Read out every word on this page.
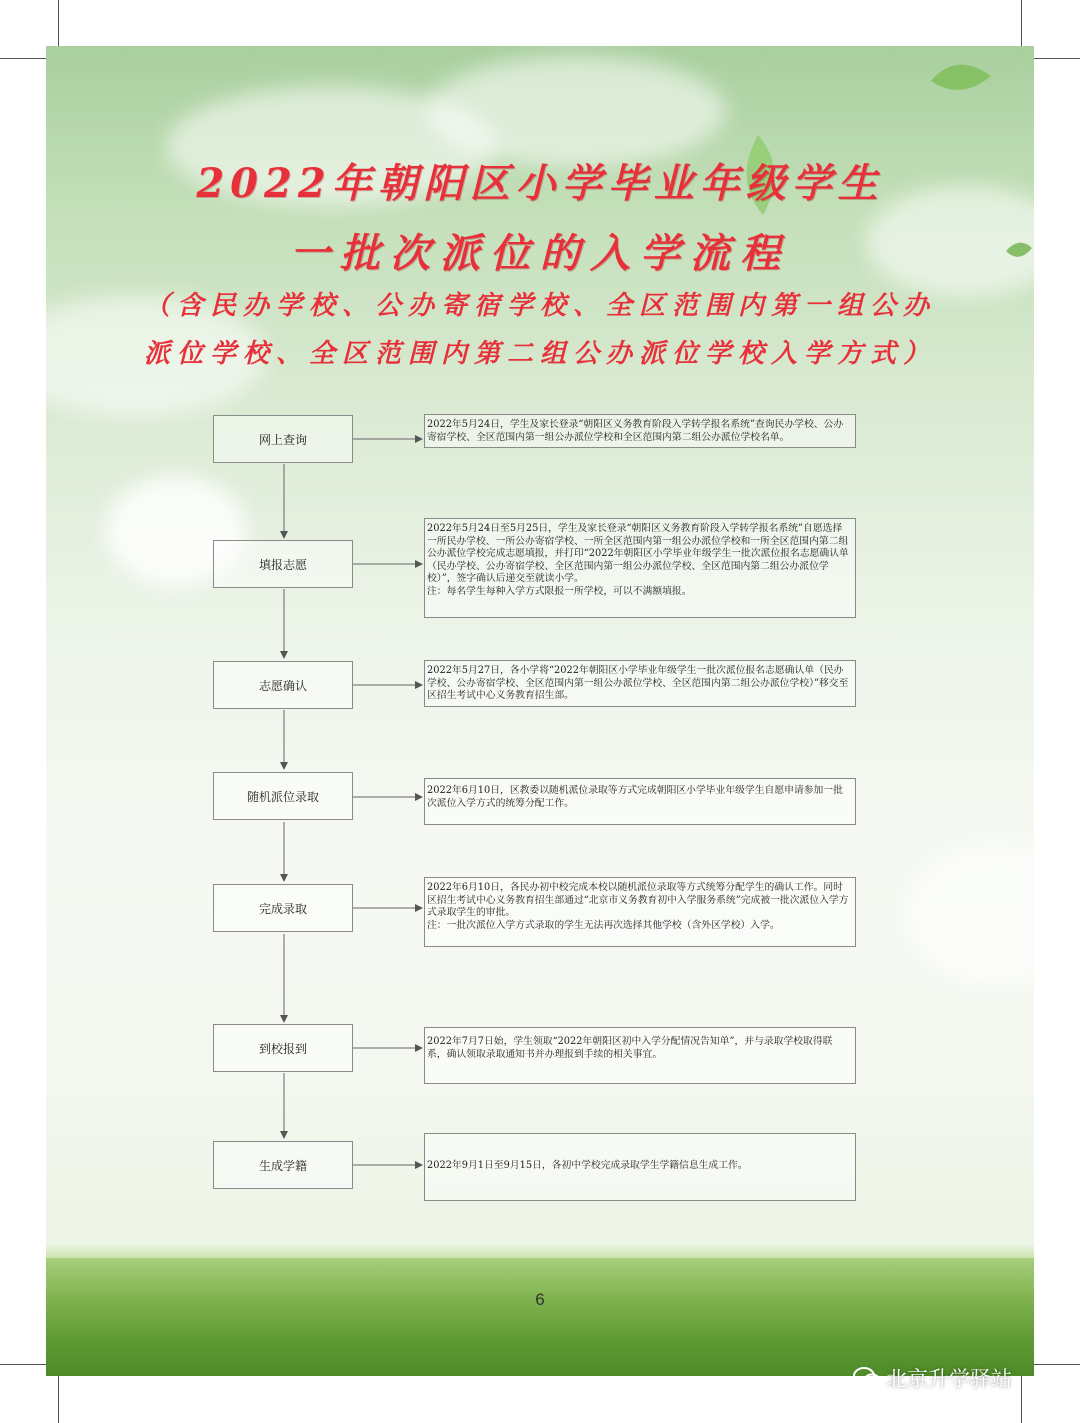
2022年朝阳区小学毕业年级学生
一批次派位的入学流程
（含民办学校、公办寄宿学校、全区范围内第一组公办
派位学校、全区范围内第二组公办派位学校入学方式）
网上查询
填报志愿
志愿确认
随机派位录取
完成录取
到校报到
生成学籍

2022年5月24日，学生及家长登录“朝阳区义务教育阶段入学转学报名系统”查询民办学校、公办寄宿学校、全区范围内第一组公办派位学校和全区范围内第二组公办派位学校名单。

2022年5月24日至5月25日，学生及家长登录“朝阳区义务教育阶段入学转学报名系统”自愿选择一所民办学校、一所公办寄宿学校、一所全区范围内第一组公办派位学校和一所全区范围内第二组公办派位学校完成志愿填报，并打印“2022年朝阳区小学毕业年级学生一批次派位报名志愿确认单（民办学校、公办寄宿学校、全区范围内第一组公办派位学校、全区范围内第二组公办派位学校）”，签字确认后递交至就读小学。

注：每名学生每种入学方式限报一所学校，可以不满额填报。

2022年5月27日，各小学将“2022年朝阳区小学毕业年级学生一批次派位报名志愿确认单（民办学校、公办寄宿学校、全区范围内第一组公办派位学校、全区范围内第二组公办派位学校）”移交至区招生考试中心义务教育招生部。

2022年6月10日，区教委以随机派位录取等方式完成朝阳区小学毕业年级学生自愿申请参加一批次派位入学方式的统筹分配工作。

2022年6月10日，各民办初中校完成本校以随机派位录取等方式统筹分配学生的确认工作。同时区招生考试中心义务教育招生部通过“北京市义务教育初中入学服务系统”完成被一批次派位入学方式录取学生的审批。

注：一批次派位入学方式录取的学生无法再次选择其他学校（含外区学校）入学。

2022年7月7日始，学生领取“2022年朝阳区初中入学分配情况告知单”，并与录取学校取得联系，确认领取录取通知书并办理报到手续的相关事宜。

2022年9月1日至9月15日，各初中学校完成录取学生学籍信息生成工作。

6
北京升学驿站
